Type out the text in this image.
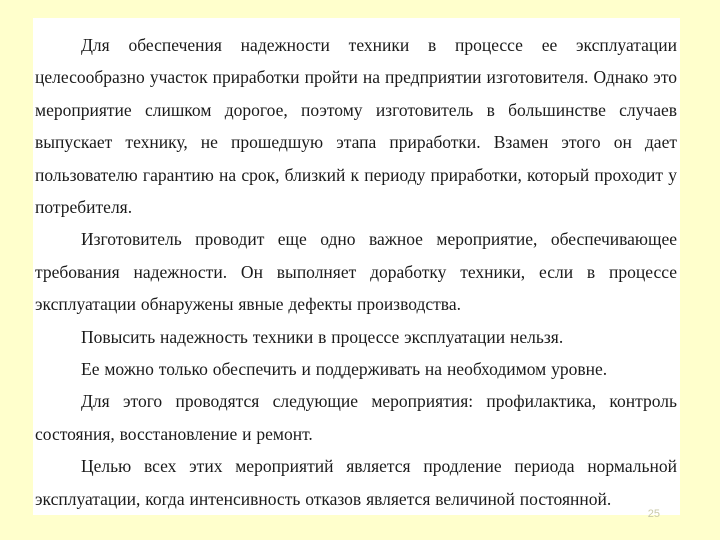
Для обеспечения надежности техники в процессе ее эксплуатации целесообразно участок приработки пройти на предприятии изготовителя. Однако это мероприятие слишком дорогое, поэтому изготовитель в большинстве случаев выпускает технику, не прошедшую этапа приработки. Взамен этого он дает пользователю гарантию на срок, близкий к периоду приработки, который проходит у потребителя.

Изготовитель проводит еще одно важное мероприятие, обеспечивающее требования надежности. Он выполняет доработку техники, если в процессе эксплуатации обнаружены явные дефекты производства.

Повысить надежность техники в процессе эксплуатации нельзя.

Ее можно только обеспечить и поддерживать на необходимом уровне.

Для этого проводятся следующие мероприятия: профилактика, контроль состояния, восстановление и ремонт.

Целью всех этих мероприятий является продление периода нормальной эксплуатации, когда интенсивность отказов является величиной постоянной.

25
